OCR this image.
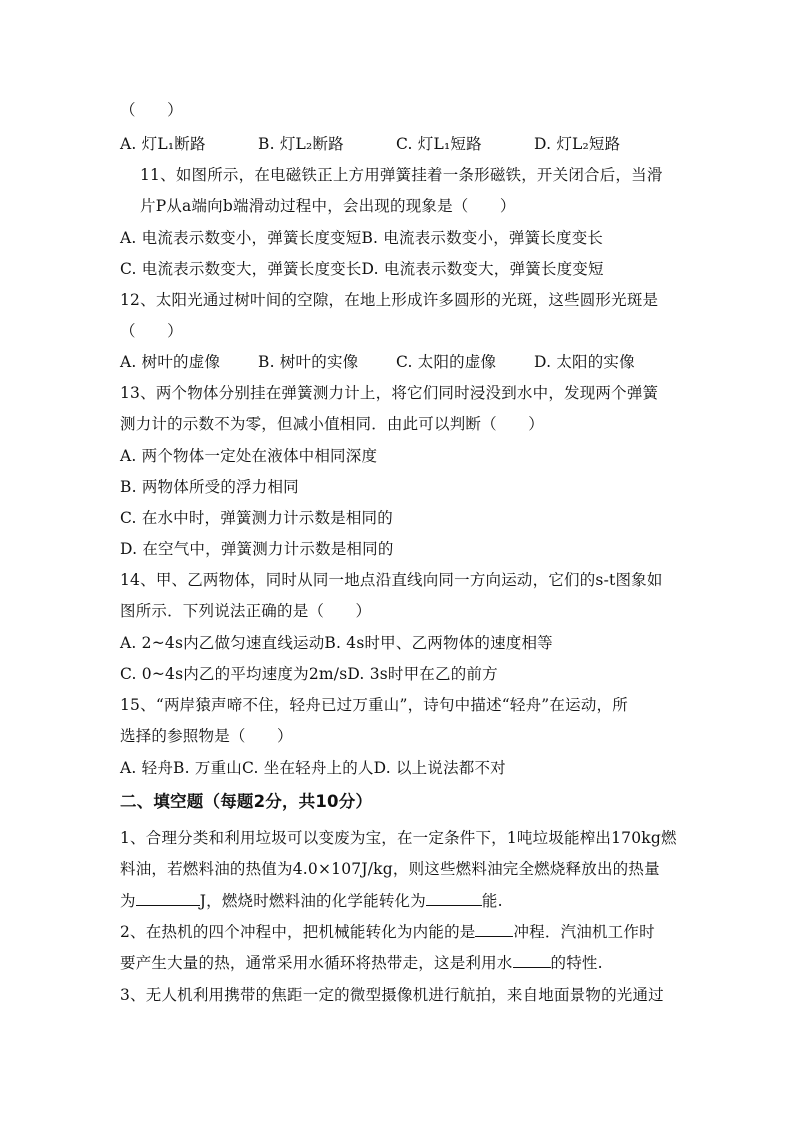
（　　）
A. 灯L₁断路	B. 灯L₂断路	C. 灯L₁短路	D. 灯L₂短路
11、如图所示，在电磁铁正上方用弹簧挂着一条形磁铁，开关闭合后，当滑
片P从a端向b端滑动过程中，会出现的现象是（　　）
A. 电流表示数变小，弹簧长度变短B. 电流表示数变小，弹簧长度变长
C. 电流表示数变大，弹簧长度变长D. 电流表示数变大，弹簧长度变短
12、太阳光通过树叶间的空隙，在地上形成许多圆形的光斑，这些圆形光斑是
（　　）
A. 树叶的虚像 B. 树叶的实像 C. 太阳的虚像 D. 太阳的实像
13、两个物体分别挂在弹簧测力计上，将它们同时浸没到水中，发现两个弹簧
测力计的示数不为零，但减小值相同．由此可以判断（　　）
A. 两个物体一定处在液体中相同深度
B. 两物体所受的浮力相同
C. 在水中时，弹簧测力计示数是相同的
D. 在空气中，弹簧测力计示数是相同的
14、甲、乙两物体，同时从同一地点沿直线向同一方向运动，它们的s-t图象如
图所示．下列说法正确的是（　　）
A. 2~4s内乙做匀速直线运动B. 4s时甲、乙两物体的速度相等
C. 0~4s内乙的平均速度为2m/sD. 3s时甲在乙的前方
15、“两岸猿声啼不住，轻舟已过万重山”，诗句中描述“轻舟”在运动，所
选择的参照物是（　　）
A. 轻舟B. 万重山C. 坐在轻舟上的人D. 以上说法都不对
二、填空题（每题2分，共10分）
1、合理分类和利用垃圾可以变废为宝，在一定条件下，1吨垃圾能榨出170kg燃
料油，若燃料油的热值为4.0×107J/kg，则这些燃料油完全燃烧释放出的热量
为	J，燃烧时燃料油的化学能转化为	能.
2、在热机的四个冲程中，把机械能转化为内能的是 冲程．汽油机工作时
要产生大量的热，通常采用水循环将热带走，这是利用水 的特性.
3、无人机利用携带的焦距一定的微型摄像机进行航拍，来自地面景物的光通过
